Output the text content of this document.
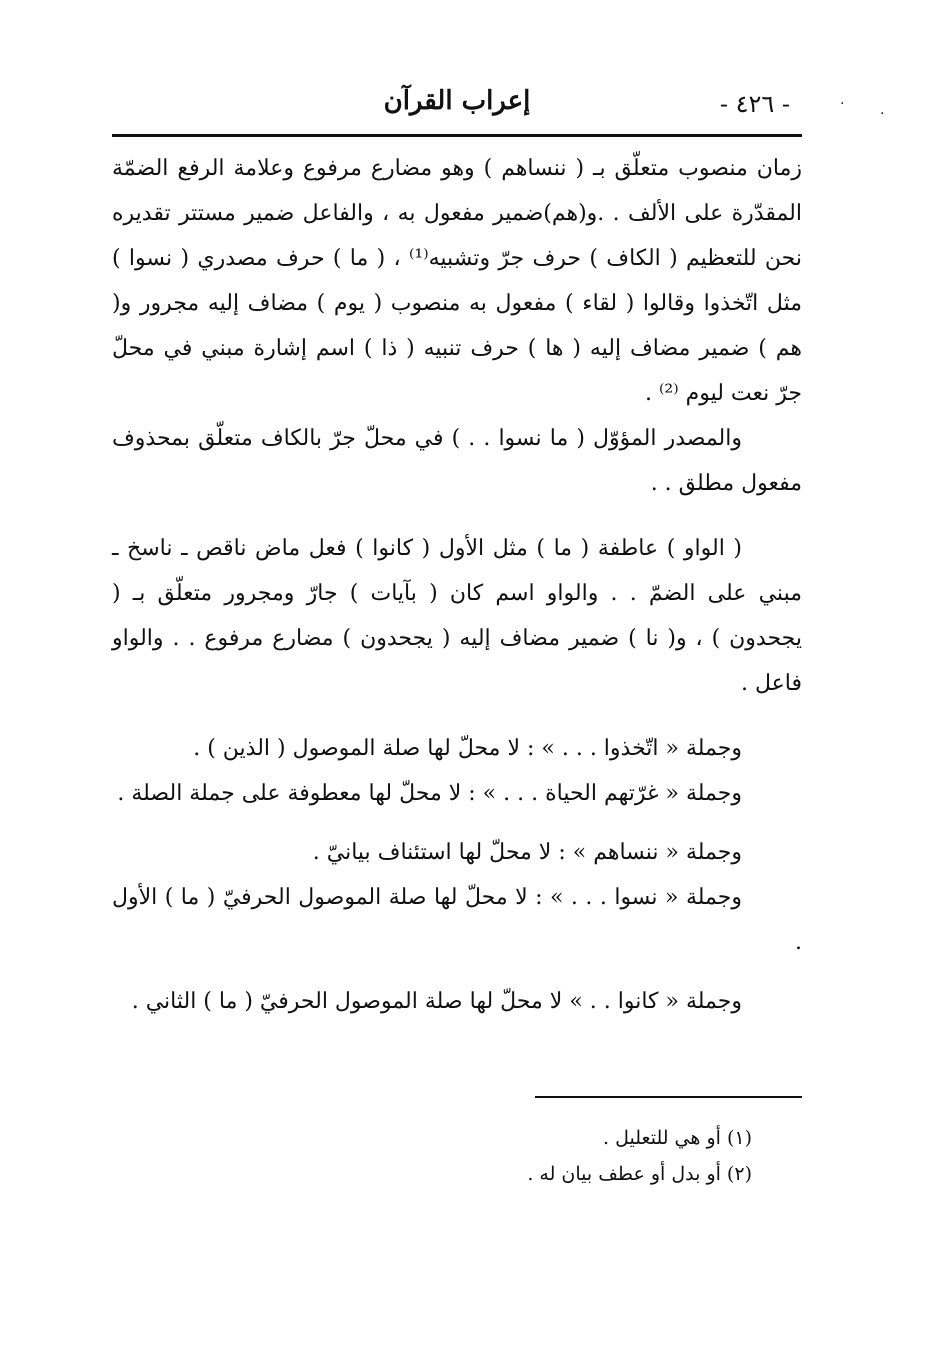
إعراب القرآن	- ٤٢٦ -

زمان منصوب متعلّق بـ ( ننساهم ) وهو مضارع مرفوع وعلامة الرفع الضمّة المقدّرة على الألف . .و(هم)ضمير مفعول به ، والفاعل ضمير مستتر تقديره نحن للتعظيم ( الكاف ) حرف جرّ وتشبيه⁽¹⁾ ، ( ما ) حرف مصدري ( نسوا ) مثل اتّخذوا وقالوا ( لقاء ) مفعول به منصوب ( يوم ) مضاف إليه مجرور و( هم ) ضمير مضاف إليه ( ها ) حرف تنبيه ( ذا ) اسم إشارة مبني في محلّ جرّ نعت ليوم ⁽²⁾ .

والمصدر المؤوّل ( ما نسوا . . ) في محلّ جرّ بالكاف متعلّق بمحذوف مفعول مطلق . .

( الواو ) عاطفة ( ما ) مثل الأول ( كانوا ) فعل ماض ناقص ـ ناسخ ـ مبني على الضمّ . . والواو اسم كان ( بآيات ) جارّ ومجرور متعلّق بـ ( يجحدون ) ، و( نا ) ضمير مضاف إليه ( يجحدون ) مضارع مرفوع . . والواو فاعل .

وجملة « اتّخذوا . . . » : لا محلّ لها صلة الموصول ( الذين ) .

وجملة « غرّتهم الحياة . . . » : لا محلّ لها معطوفة على جملة الصلة .

وجملة « ننساهم » : لا محلّ لها استئناف بيانيّ .

وجملة « نسوا . . . » : لا محلّ لها صلة الموصول الحرفيّ ( ما ) الأول .

وجملة « كانوا . . » لا محلّ لها صلة الموصول الحرفيّ ( ما ) الثاني .

(١) أو هي للتعليل .

(٢) أو بدل أو عطف بيان له .

·
·
